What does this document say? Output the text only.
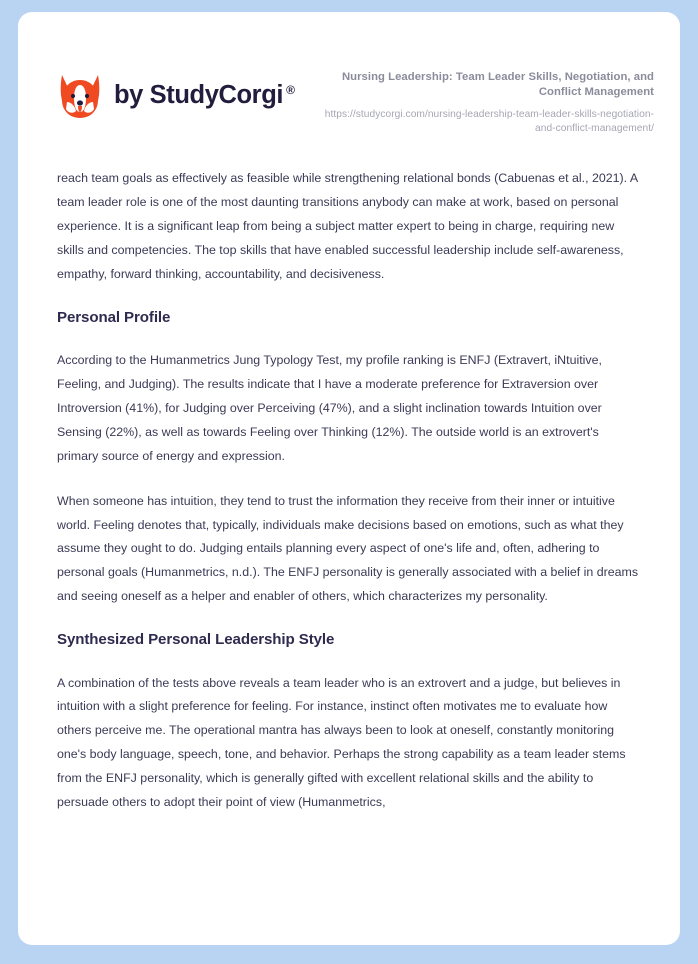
by StudyCorgi ®
Nursing Leadership: Team Leader Skills, Negotiation, and Conflict Management
https://studycorgi.com/nursing-leadership-team-leader-skills-negotiation-and-conflict-management/

reach team goals as effectively as feasible while strengthening relational bonds (Cabuenas et al., 2021). A team leader role is one of the most daunting transitions anybody can make at work, based on personal experience. It is a significant leap from being a subject matter expert to being in charge, requiring new skills and competencies. The top skills that have enabled successful leadership include self-awareness, empathy, forward thinking, accountability, and decisiveness.

Personal Profile

According to the Humanmetrics Jung Typology Test, my profile ranking is ENFJ (Extravert, iNtuitive, Feeling, and Judging). The results indicate that I have a moderate preference for Extraversion over Introversion (41%), for Judging over Perceiving (47%), and a slight inclination towards Intuition over Sensing (22%), as well as towards Feeling over Thinking (12%). The outside world is an extrovert's primary source of energy and expression.

When someone has intuition, they tend to trust the information they receive from their inner or intuitive world. Feeling denotes that, typically, individuals make decisions based on emotions, such as what they assume they ought to do. Judging entails planning every aspect of one's life and, often, adhering to personal goals (Humanmetrics, n.d.). The ENFJ personality is generally associated with a belief in dreams and seeing oneself as a helper and enabler of others, which characterizes my personality.

Synthesized Personal Leadership Style

A combination of the tests above reveals a team leader who is an extrovert and a judge, but believes in intuition with a slight preference for feeling. For instance, instinct often motivates me to evaluate how others perceive me. The operational mantra has always been to look at oneself, constantly monitoring one's body language, speech, tone, and behavior. Perhaps the strong capability as a team leader stems from the ENFJ personality, which is generally gifted with excellent relational skills and the ability to persuade others to adopt their point of view (Humanmetrics,
